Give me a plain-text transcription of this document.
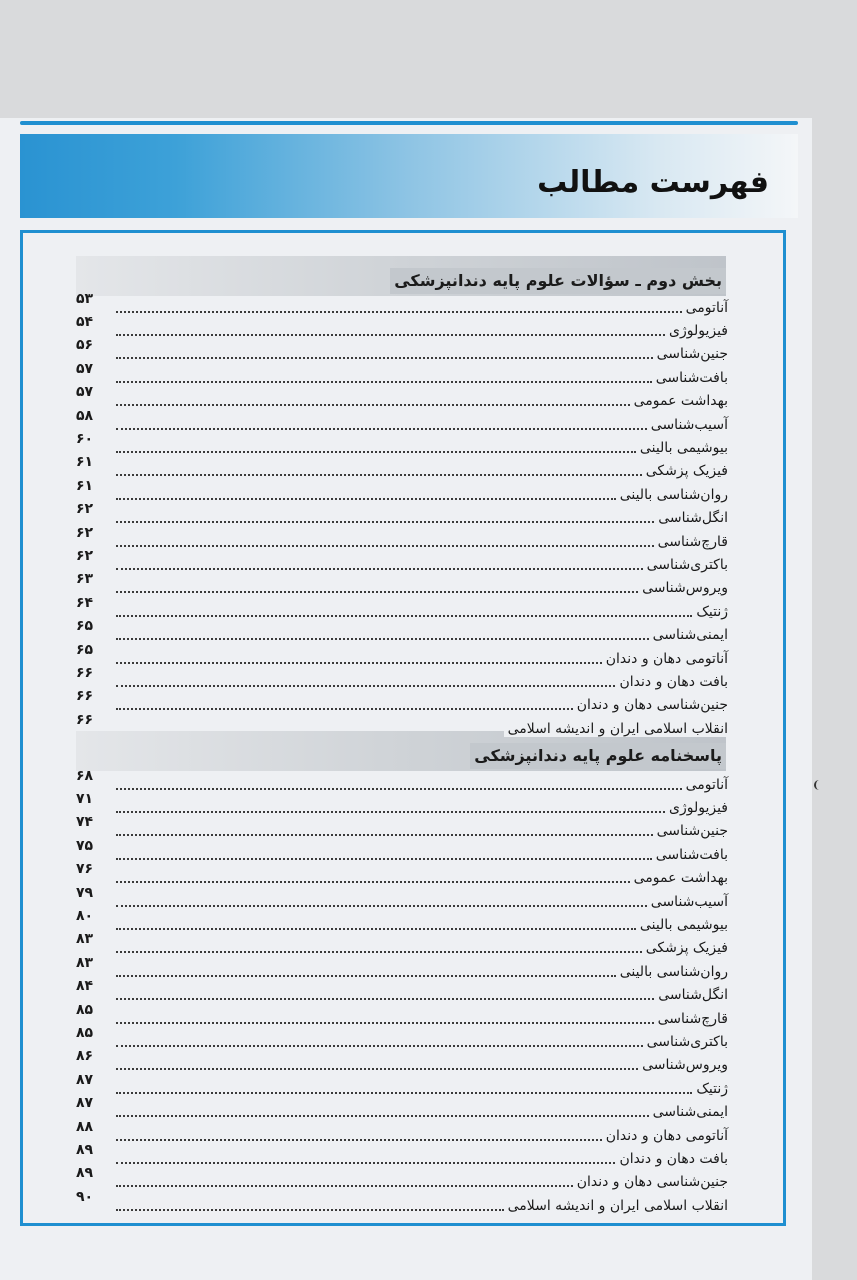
فهرست مطالب
بخش دوم ـ سؤالات علوم پایه دندانپزشکی
آناتومی
۵۳
فیزیولوژی
۵۴
جنین‌شناسی
۵۶
بافت‌شناسی
۵۷
بهداشت عمومی
۵۷
آسیب‌شناسی
۵۸
بیوشیمی بالینی
۶۰
فیزیک پزشکی
۶۱
روان‌شناسی بالینی
۶۱
انگل‌شناسی
۶۲
قارچ‌شناسی
۶۲
باکتری‌شناسی
۶۲
ویروس‌شناسی
۶۳
ژنتیک
۶۴
ایمنی‌شناسی
۶۵
آناتومی دهان و دندان
۶۵
بافت دهان و دندان
۶۶
جنین‌شناسی دهان و دندان
۶۶
انقلاب اسلامی ایران و اندیشه اسلامی
۶۶
پاسخنامه علوم پایه دندانپزشکی
آناتومی
۶۸
فیزیولوژی
۷۱
جنین‌شناسی
۷۴
بافت‌شناسی
۷۵
بهداشت عمومی
۷۶
آسیب‌شناسی
۷۹
بیوشیمی بالینی
۸۰
فیزیک پزشکی
۸۳
روان‌شناسی بالینی
۸۳
انگل‌شناسی
۸۴
قارچ‌شناسی
۸۵
باکتری‌شناسی
۸۵
ویروس‌شناسی
۸۶
ژنتیک
۸۷
ایمنی‌شناسی
۸۷
آناتومی دهان و دندان
۸۸
بافت دهان و دندان
۸۹
جنین‌شناسی دهان و دندان
۸۹
انقلاب اسلامی ایران و اندیشه اسلامی
۹۰
